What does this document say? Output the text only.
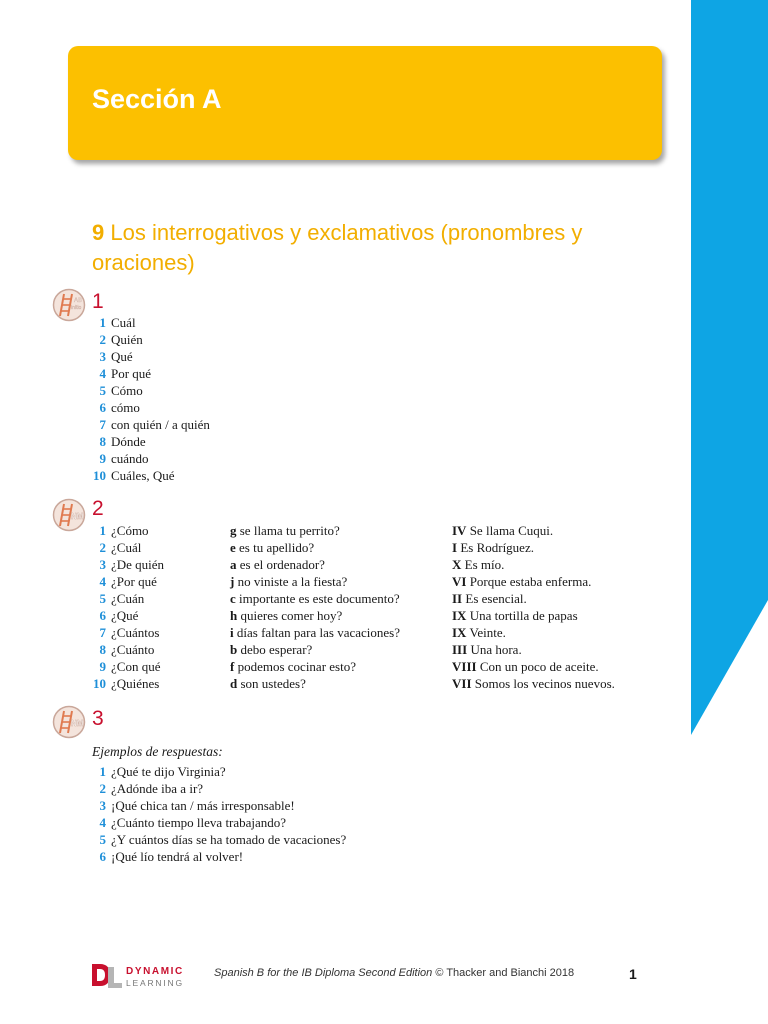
Sección A
9 Los interrogativos y exclamativos (pronombres y oraciones)
AB
initio 1
1 Cuál
2 Quién
3 Qué
4 Por qué
5 Cómo
6 cómo
7 con quién / a quién
8 Dónde
9 cuándo
10 Cuáles, Qué
NM 2
1 ¿Cómo	g se llama tu perrito?	IV Se llama Cuqui.
2 ¿Cuál	e es tu apellido?	I Es Rodríguez.
3 ¿De quién	a es el ordenador?	X Es mío.
4 ¿Por qué	j no viniste a la fiesta?	VI Porque estaba enferma.
5 ¿Cuán	c importante es este documento?	II Es esencial.
6 ¿Qué	h quieres comer hoy?	IX Una tortilla de papas
7 ¿Cuántos	i días faltan para las vacaciones?	IX Veinte.
8 ¿Cuánto	b debo esperar?	III Una hora.
9 ¿Con qué	f podemos cocinar esto?	VIII Con un poco de aceite.
10 ¿Quiénes	d son ustedes?	VII Somos los vecinos nuevos.
NM 3
Ejemplos de respuestas:
1 ¿Qué te dijo Virginia?
2 ¿Adónde iba a ir?
3 ¡Qué chica tan / más irresponsable!
4 ¿Cuánto tiempo lleva trabajando?
5 ¿Y cuántos días se ha tomado de vacaciones?
6 ¡Qué lío tendrá al volver!
DYNAMIC
LEARNING
Spanish B for the IB Diploma Second Edition © Thacker and Bianchi 2018	1
